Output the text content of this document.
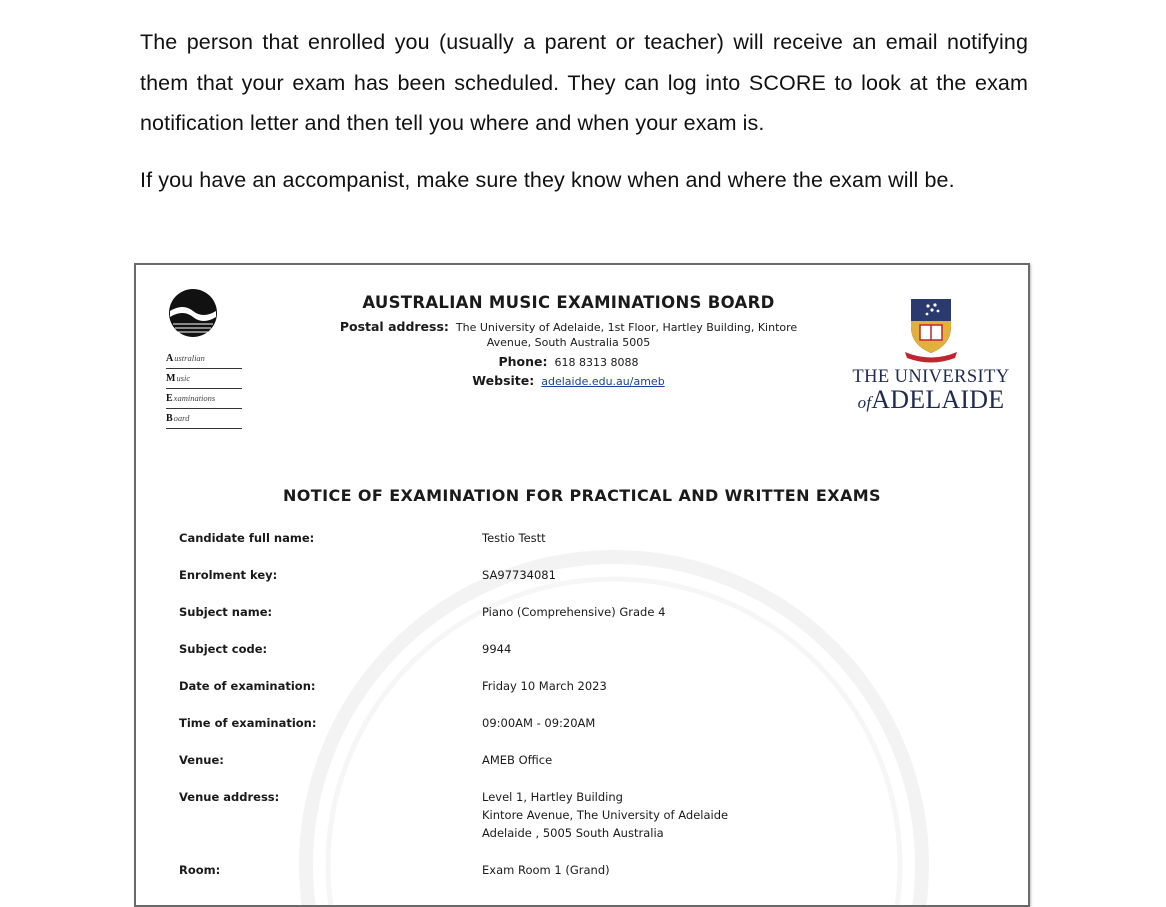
The person that enrolled you (usually a parent or teacher) will receive an email notifying them that your exam has been scheduled. They can log into SCORE to look at the exam notification letter and then tell you where and when your exam is.

If you have an accompanist, make sure they know when and where the exam will be.

Australian
Music
Examinations
Board
AUSTRALIAN MUSIC EXAMINATIONS BOARD
Postal address: The University of Adelaide, 1st Floor, Hartley Building, Kintore Avenue, South Australia 5005
Phone: 618 8313 8088
Website: adelaide.edu.au/ameb	THE UNIVERSITY
ofADELAIDE
NOTICE OF EXAMINATION FOR PRACTICAL AND WRITTEN EXAMS
Candidate full name:	Testio Testt
Enrolment key:	SA97734081
Subject name:	Piano (Comprehensive) Grade 4
Subject code:	9944
Date of examination:	Friday 10 March 2023
Time of examination:	09:00AM - 09:20AM
Venue:	AMEB Office
Venue address:	Level 1, Hartley Building
Kintore Avenue, The University of Adelaide
Adelaide , 5005 South Australia
Room:	Exam Room 1 (Grand)
